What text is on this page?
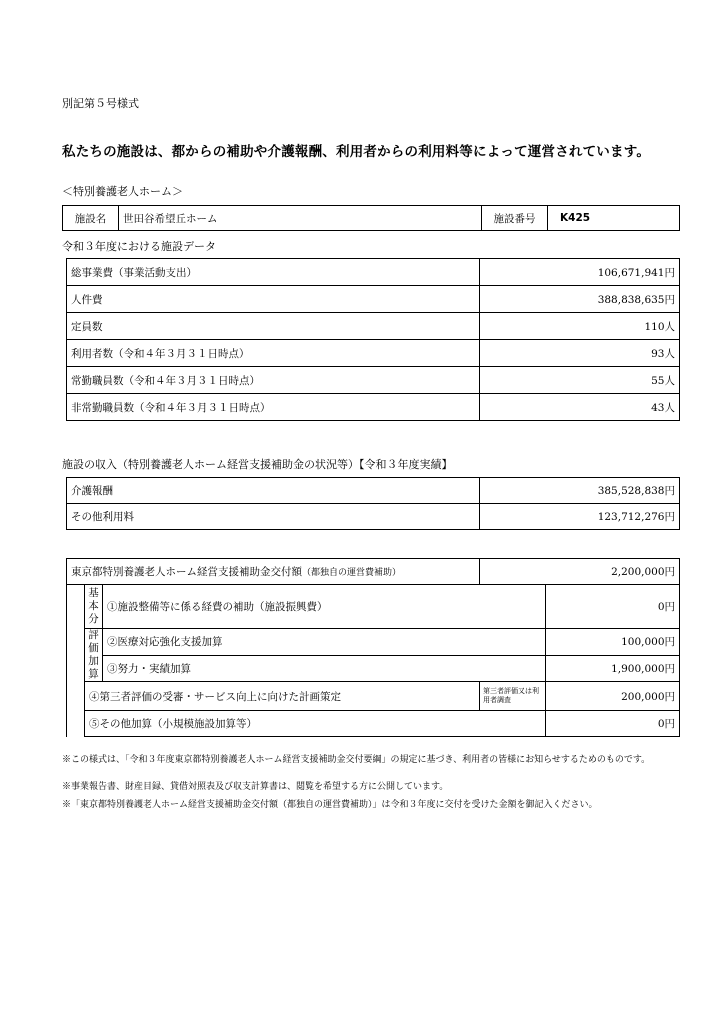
別記第５号様式
私たちの施設は、都からの補助や介護報酬、利用者からの利用料等によって運営されています。
＜特別養護老人ホーム＞
施設名	世田谷希望丘ホーム	施設番号	K425
令和３年度における施設データ
総事業費（事業活動支出）	106,671,941円
人件費	388,838,635円
定員数	110人
利用者数（令和４年３月３１日時点）	93人
常勤職員数（令和４年３月３１日時点）	55人
非常勤職員数（令和４年３月３１日時点）	43人
施設の収入（特別養護老人ホーム経営支援補助金の状況等）【令和３年度実績】
介護報酬	385,528,838円
その他利用料	123,712,276円
東京都特別養護老人ホーム経営支援補助金交付額（都独自の運営費補助）			2,200,000円	
	基本分	①施設整備等に係る経費の補助（施設振興費）		0円
	評価加算	②医療対応強化支援加算		100,000円
		③努力・実績加算		1,900,000円
	④第三者評価の受審・サービス向上に向けた計画策定		第三者評価又は利用者調査	200,000円
	⑤その他加算（小規模施設加算等）			0円
※この様式は、「令和３年度東京都特別養護老人ホーム経営支援補助金交付要綱」の規定に基づき、利用者の皆様にお知らせするためのものです。
※事業報告書、財産目録、貸借対照表及び収支計算書は、閲覧を希望する方に公開しています。
※「東京都特別養護老人ホーム経営支援補助金交付額（都独自の運営費補助）」は令和３年度に交付を受けた金額を御記入ください。
